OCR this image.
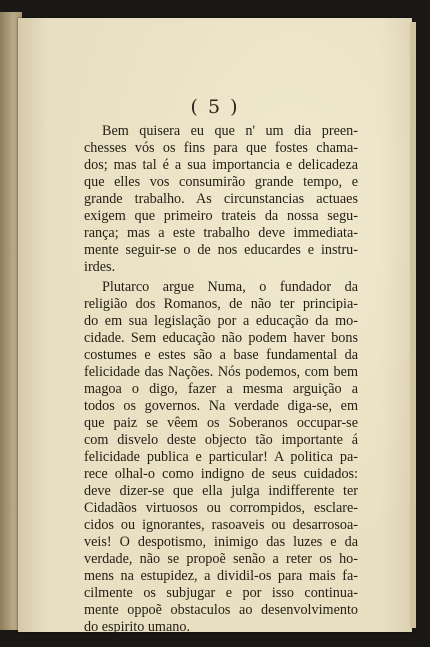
( 5 )
Bem quisera eu que n' um dia preen-
chesses vós os fins para que fostes chama-
dos; mas tal é a sua importancia e delicadeza
que elles vos consumirão grande tempo, e
grande trabalho. As circunstancias actuaes
exigem que primeiro trateis da nossa segu-
rança; mas a este trabalho deve immediata-
mente seguir-se o de nos educardes e instru-
irdes.
Plutarco argue Numa, o fundador da
religião dos Romanos, de não ter principia-
do em sua legislação por a educação da mo-
cidade. Sem educação não podem haver bons
costumes e estes são a base fundamental da
felicidade das Nações. Nós podemos, com bem
magoa o digo, fazer a mesma arguição a
todos os governos. Na verdade diga-se, em
que paiz se vêem os Soberanos occupar-se
com disvelo deste objecto tão importante á
felicidade publica e particular! A politica pa-
rece olhal-o como indigno de seus cuidados:
deve dizer-se que ella julga indifferente ter
Cidadãos virtuosos ou corrompidos, esclare-
cidos ou ignorantes, rasoaveis ou desarrosoa-
veis! O despotismo, inimigo das luzes e da
verdade, não se propoẽ senão a reter os ho-
mens na estupidez, a dividil-os para mais fa-
cilmente os subjugar e por isso continua-
mente oppoẽ obstaculos ao desenvolvimento
do espirito umano.
